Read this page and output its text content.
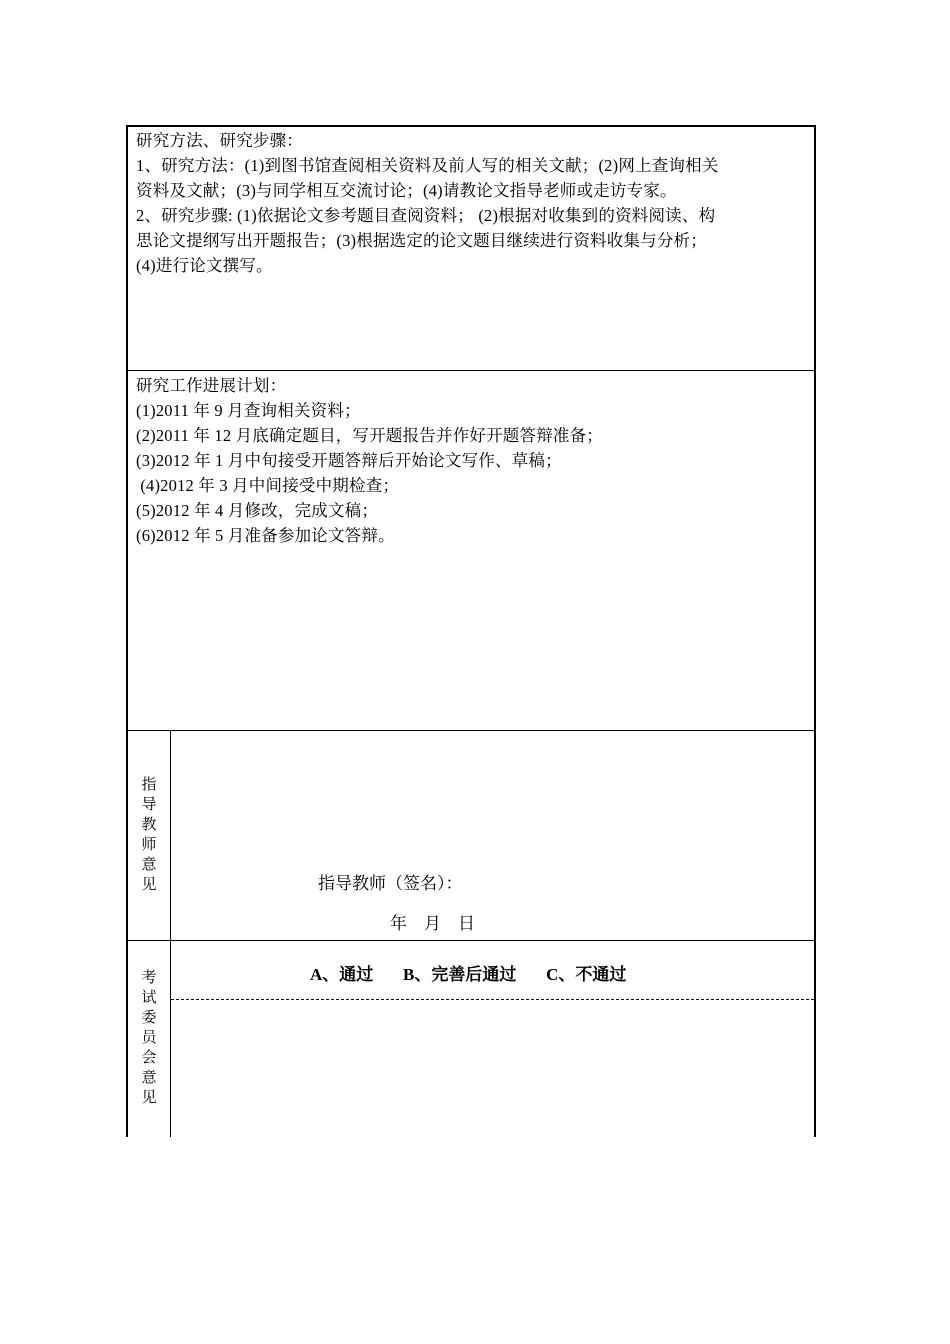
研究方法、研究步骤：

1、研究方法：(1)到图书馆查阅相关资料及前人写的相关文献；(2)网上查询相关

资料及文献；(3)与同学相互交流讨论；(4)请教论文指导老师或走访专家。

2、研究步骤: (1)依据论文参考题目查阅资料； (2)根据对收集到的资料阅读、构

思论文提纲写出开题报告；(3)根据选定的论文题目继续进行资料收集与分析；

(4)进行论文撰写。

研究工作进展计划：

(1)2011 年 9 月查询相关资料；

(2)2011 年 12 月底确定题目，写开题报告并作好开题答辩准备；

(3)2012 年 1 月中旬接受开题答辩后开始论文写作、草稿；

(4)2012 年 3 月中间接受中期检查；

(5)2012 年 4 月修改，完成文稿；

(6)2012 年 5 月准备参加论文答辩。

指
导
教
师
意
见	指导教师（签名）：
年    月    日
考
试
委
员
会
意
见
A、通过       B、完善后通过       C、不通过
